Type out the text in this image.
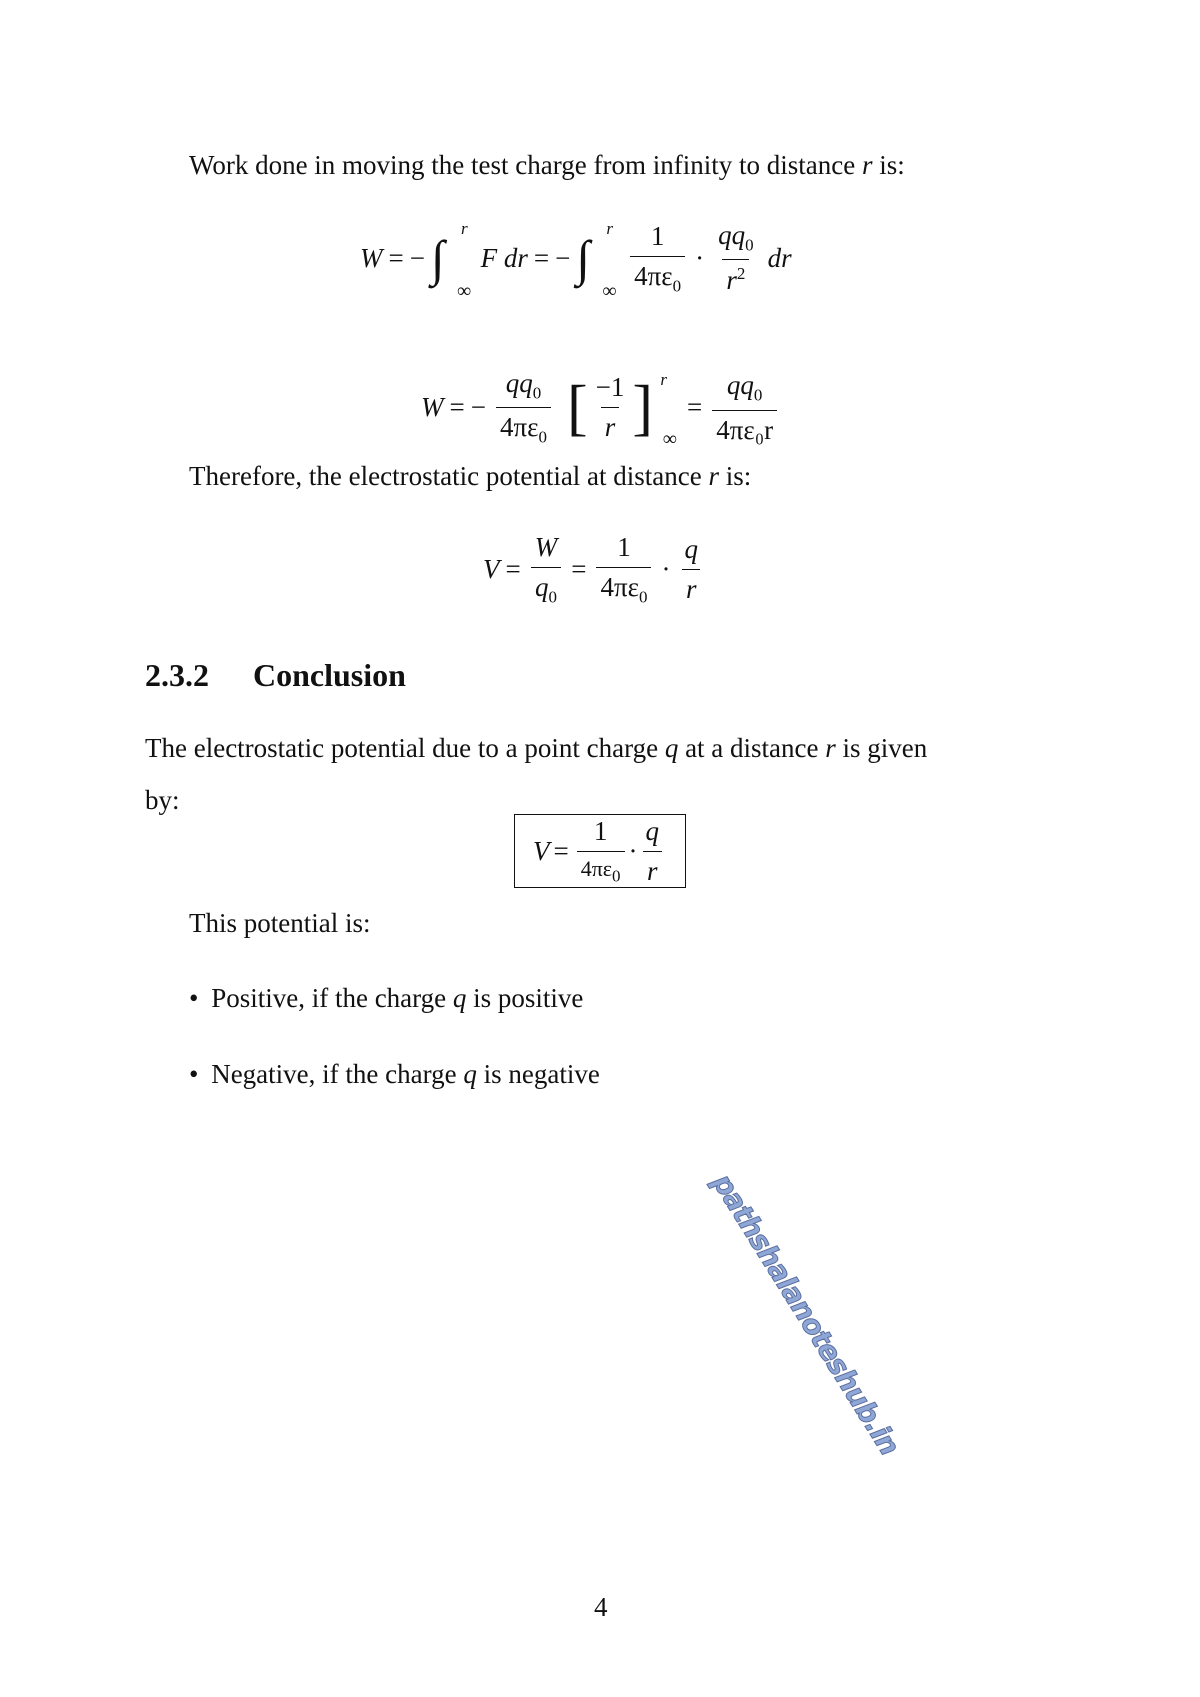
Work done in moving the test charge from infinity to distance r is:
W = − ∫
r
∞
F dr = − ∫
r
∞ $\frac{1}{4\pi\varepsilon_0} \cdot \frac{qq_0}{r^2}$ dr
W = − $\frac{qq_0}{4\pi\varepsilon_0}$ [ $\frac{-1}{r}$ ] r
∞
= $\frac{qq_0}{\text{4πε₀r}}$
Therefore, the electrostatic potential at distance r is:
$V = \frac{W}{q_0} = \frac{1}{4\pi\varepsilon_0} \cdot \frac{q}{r}$
2.3.2 Conclusion
The electrostatic potential due to a point charge q at a distance r is given
by:
$V = \frac{1}{4\pi\varepsilon_0} \cdot \frac{q}{r}$
This potential is:
• Positive, if the charge q is positive
• Negative, if the charge q is negative
4
pathshalanoteshub.in
